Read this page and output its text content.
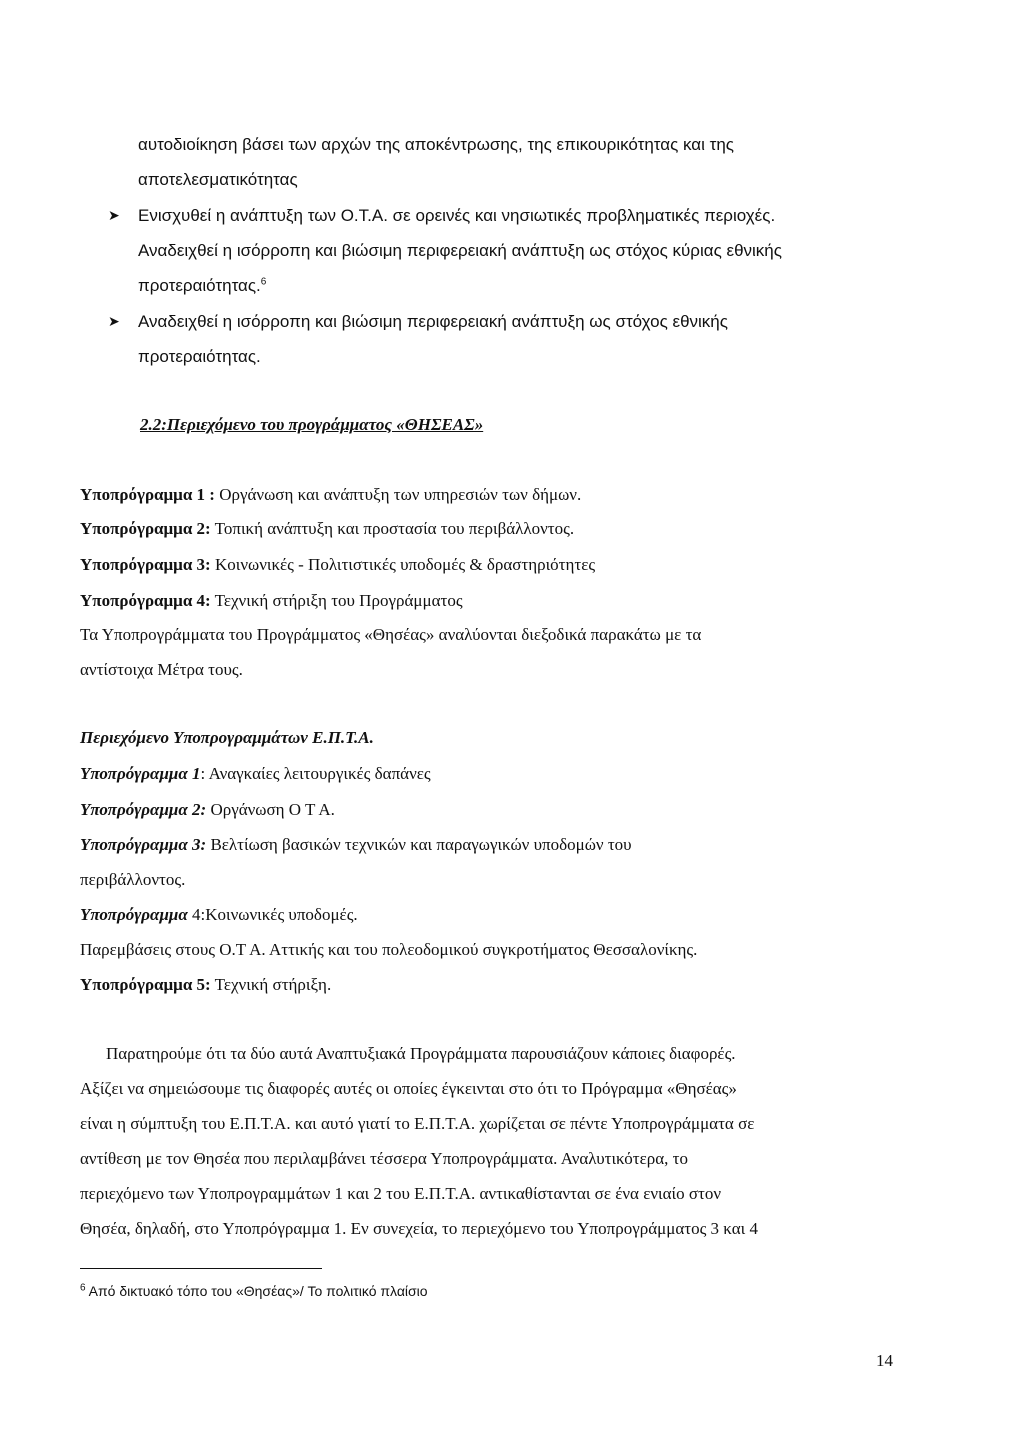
αυτοδιοίκηση βάσει των αρχών της αποκέντρωσης, της επικουρικότητας και της
αποτελεσματικότητας
➤ Ενισχυθεί η ανάπτυξη των Ο.Τ.Α. σε ορεινές και νησιωτικές προβληματικές περιοχές.
Αναδειχθεί η ισόρροπη και βιώσιμη περιφερειακή ανάπτυξη ως στόχος κύριας εθνικής
προτεραιότητας.$^6$
➤ Αναδειχθεί η ισόρροπη και βιώσιμη περιφερειακή ανάπτυξη ως στόχος εθνικής
προτεραιότητας.
2.2:Περιεχόμενο του προγράμματος «ΘΗΣΕΑΣ»
Υποπρόγραμμα 1 : Οργάνωση και ανάπτυξη των υπηρεσιών των δήμων.
Υποπρόγραμμα 2: Τοπική ανάπτυξη και προστασία του περιβάλλοντος.
Υποπρόγραμμα 3: Κοινωνικές - Πολιτιστικές υποδομές & δραστηριότητες
Υποπρόγραμμα 4: Τεχνική στήριξη του Προγράμματος
Τα Υποπρογράμματα του Προγράμματος «Θησέας» αναλύονται διεξοδικά παρακάτω με τα
αντίστοιχα Μέτρα τους.
Περιεχόμενο Υποπρογραμμάτων Ε.Π.Τ.Α.
Υποπρόγραμμα 1: Αναγκαίες λειτουργικές δαπάνες
Υποπρόγραμμα 2: Οργάνωση Ο Τ Α.
Υποπρόγραμμα 3: Βελτίωση βασικών τεχνικών και παραγωγικών υποδομών του
περιβάλλοντος.
Υποπρόγραμμα 4:Κοινωνικές υποδομές.
Παρεμβάσεις στους Ο.Τ Α. Αττικής και του πολεοδομικού συγκροτήματος Θεσσαλονίκης.
Υποπρόγραμμα 5: Τεχνική στήριξη.
Παρατηρούμε ότι τα δύο αυτά Αναπτυξιακά Προγράμματα παρουσιάζουν κάποιες διαφορές.
Αξίζει να σημειώσουμε τις διαφορές αυτές οι οποίες έγκεινται στο ότι το Πρόγραμμα «Θησέας»
είναι η σύμπτυξη του Ε.Π.Τ.Α. και αυτό γιατί το Ε.Π.Τ.Α. χωρίζεται σε πέντε Υποπρογράμματα σε
αντίθεση με τον Θησέα που περιλαμβάνει τέσσερα Υποπρογράμματα. Αναλυτικότερα, το
περιεχόμενο των Υποπρογραμμάτων 1 και 2 του Ε.Π.Τ.Α. αντικαθίστανται σε ένα ενιαίο στον
Θησέα, δηλαδή, στο Υποπρόγραμμα 1. Εν συνεχεία, το περιεχόμενο του Υποπρογράμματος 3 και 4
$^6$ Από δικτυακό τόπο του «Θησέας»/ Το πολιτικό πλαίσιο
14
